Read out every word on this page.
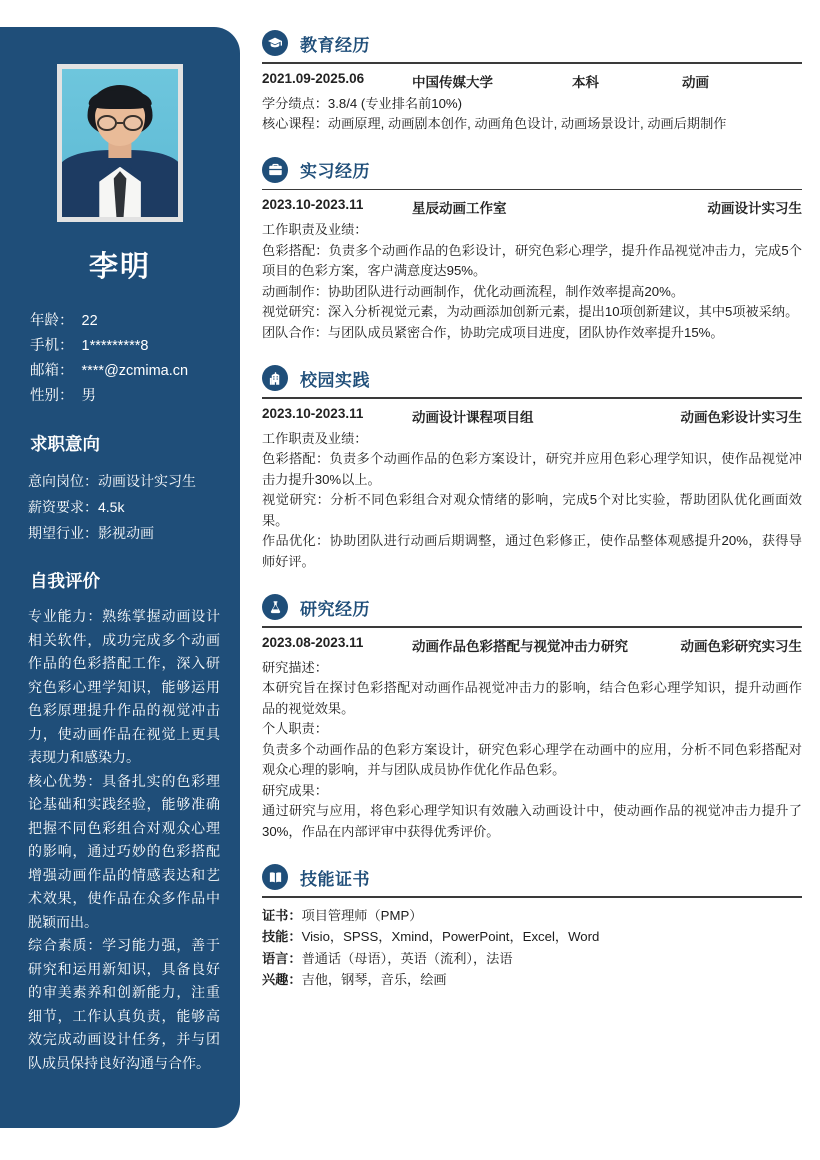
李明
年龄： 22
手机： 1*********8
邮箱： ****@zcmima.cn
性别： 男
求职意向
意向岗位：动画设计实习生
薪资要求：4.5k
期望行业：影视动画
自我评价

专业能力：熟练掌握动画设计相关软件，成功完成多个动画作品的色彩搭配工作，深入研究色彩心理学知识，能够运用色彩原理提升作品的视觉冲击力，使动画作品在视觉上更具表现力和感染力。

核心优势：具备扎实的色彩理论基础和实践经验，能够准确把握不同色彩组合对观众心理的影响，通过巧妙的色彩搭配增强动画作品的情感表达和艺术效果，使作品在众多作品中脱颖而出。

综合素质：学习能力强，善于研究和运用新知识，具备良好的审美素养和创新能力，注重细节，工作认真负责，能够高效完成动画设计任务，并与团队成员保持良好沟通与合作。

教育经历
2021.09-2025.06	中国传媒大学	本科	动画
学分绩点：3.8/4 (专业排名前10%)
核心课程：动画原理, 动画剧本创作, 动画角色设计, 动画场景设计, 动画后期制作
实习经历
2023.10-2023.11	星辰动画工作室	动画设计实习生
工作职责及业绩：
色彩搭配：负责多个动画作品的色彩设计，研究色彩心理学，提升作品视觉冲击力，完成5个项目的色彩方案，客户满意度达95%。
动画制作：协助团队进行动画制作，优化动画流程，制作效率提高20%。
视觉研究：深入分析视觉元素，为动画添加创新元素，提出10项创新建议，其中5项被采纳。
团队合作：与团队成员紧密合作，协助完成项目进度，团队协作效率提升15%。
校园实践
2023.10-2023.11	动画设计课程项目组	动画色彩设计实习生
工作职责及业绩：
色彩搭配：负责多个动画作品的色彩方案设计，研究并应用色彩心理学知识，使作品视觉冲击力提升30%以上。
视觉研究：分析不同色彩组合对观众情绪的影响，完成5个对比实验，帮助团队优化画面效果。
作品优化：协助团队进行动画后期调整，通过色彩修正，使作品整体观感提升20%，获得导师好评。
研究经历
2023.08-2023.11	动画作品色彩搭配与视觉冲击力研究	动画色彩研究实习生
研究描述：
本研究旨在探讨色彩搭配对动画作品视觉冲击力的影响，结合色彩心理学知识，提升动画作品的视觉效果。
个人职责：
负责多个动画作品的色彩方案设计，研究色彩心理学在动画中的应用，分析不同色彩搭配对观众心理的影响，并与团队成员协作优化作品色彩。
研究成果：
通过研究与应用，将色彩心理学知识有效融入动画设计中，使动画作品的视觉冲击力提升了30%，作品在内部评审中获得优秀评价。
技能证书
证书：项目管理师（PMP）
技能：Visio，SPSS，Xmind，PowerPoint，Excel，Word
语言：普通话（母语），英语（流利），法语
兴趣：吉他，钢琴，音乐，绘画
